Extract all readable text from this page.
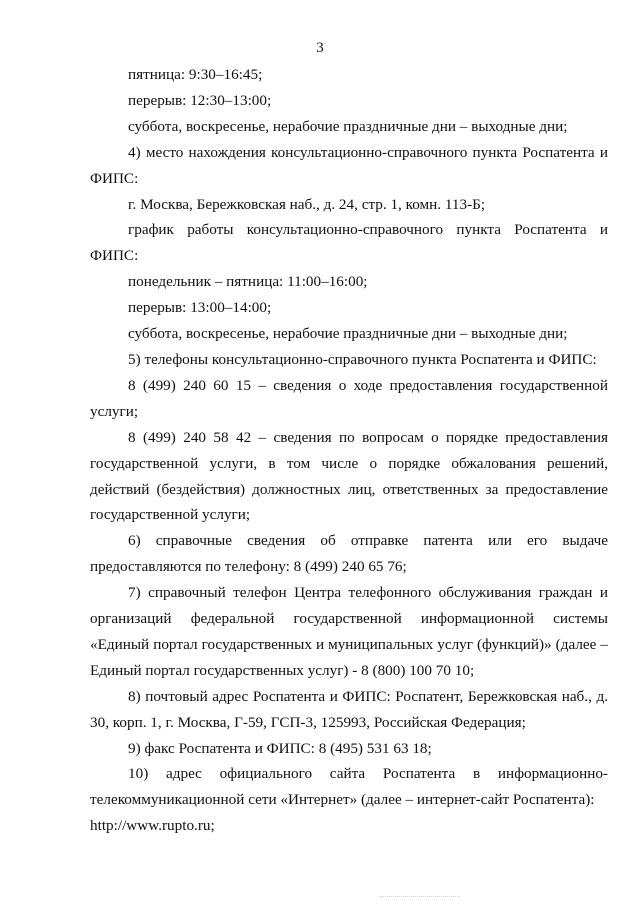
3

пятница: 9:30–16:45;

перерыв: 12:30–13:00;

суббота, воскресенье, нерабочие праздничные дни – выходные дни;

4) место нахождения консультационно-справочного пункта Роспатента и ФИПС:

г. Москва, Бережковская наб., д. 24, стр. 1, комн. 113-Б;

график работы консультационно-справочного пункта Роспатента и ФИПС:

понедельник – пятница: 11:00–16:00;

перерыв: 13:00–14:00;

суббота, воскресенье, нерабочие праздничные дни – выходные дни;

5) телефоны консультационно-справочного пункта Роспатента и ФИПС:

8 (499) 240 60 15 – сведения о ходе предоставления государственной услуги;

8 (499) 240 58 42 – сведения по вопросам о порядке предоставления государственной услуги, в том числе о порядке обжалования решений, действий (бездействия) должностных лиц, ответственных за предоставление государственной услуги;

6) справочные сведения об отправке патента или его выдаче предоставляются по телефону: 8 (499) 240 65 76;

7) справочный телефон Центра телефонного обслуживания граждан и организаций федеральной государственной информационной системы «Единый портал государственных и муниципальных услуг (функций)» (далее – Единый портал государственных услуг) - 8 (800) 100 70 10;

8) почтовый адрес Роспатента и ФИПС: Роспатент, Бережковская наб., д. 30, корп. 1, г. Москва, Г-59, ГСП-3, 125993, Российская Федерация;

9) факс Роспатента и ФИПС: 8 (495) 531 63 18;

10) адрес официального сайта Роспатента в информационно-телекоммуникационной сети «Интернет» (далее – интернет-сайт Роспатента):

http://www.rupto.ru;
